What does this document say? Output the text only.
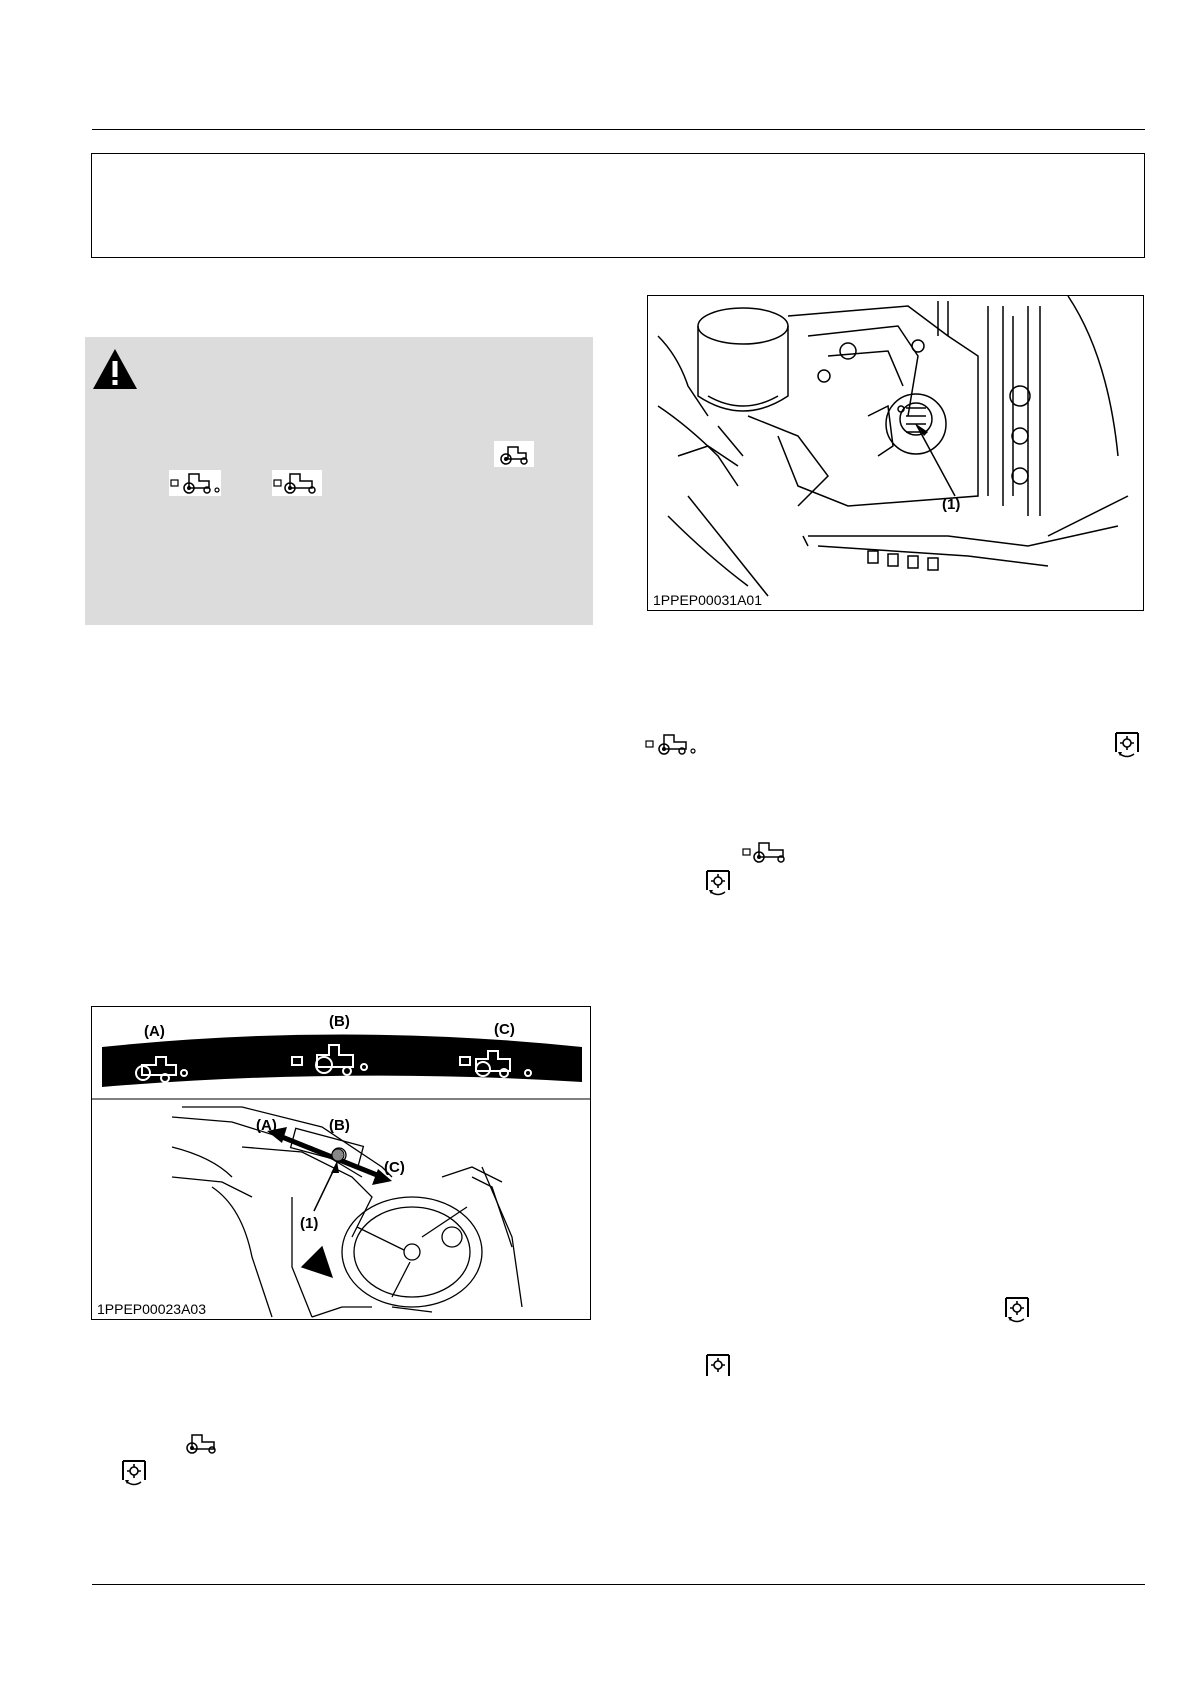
(1)
1PPEP00031A01
(A)
(B)	(C)
(A)	(B)
(C)
(1)
1PPEP00023A03
